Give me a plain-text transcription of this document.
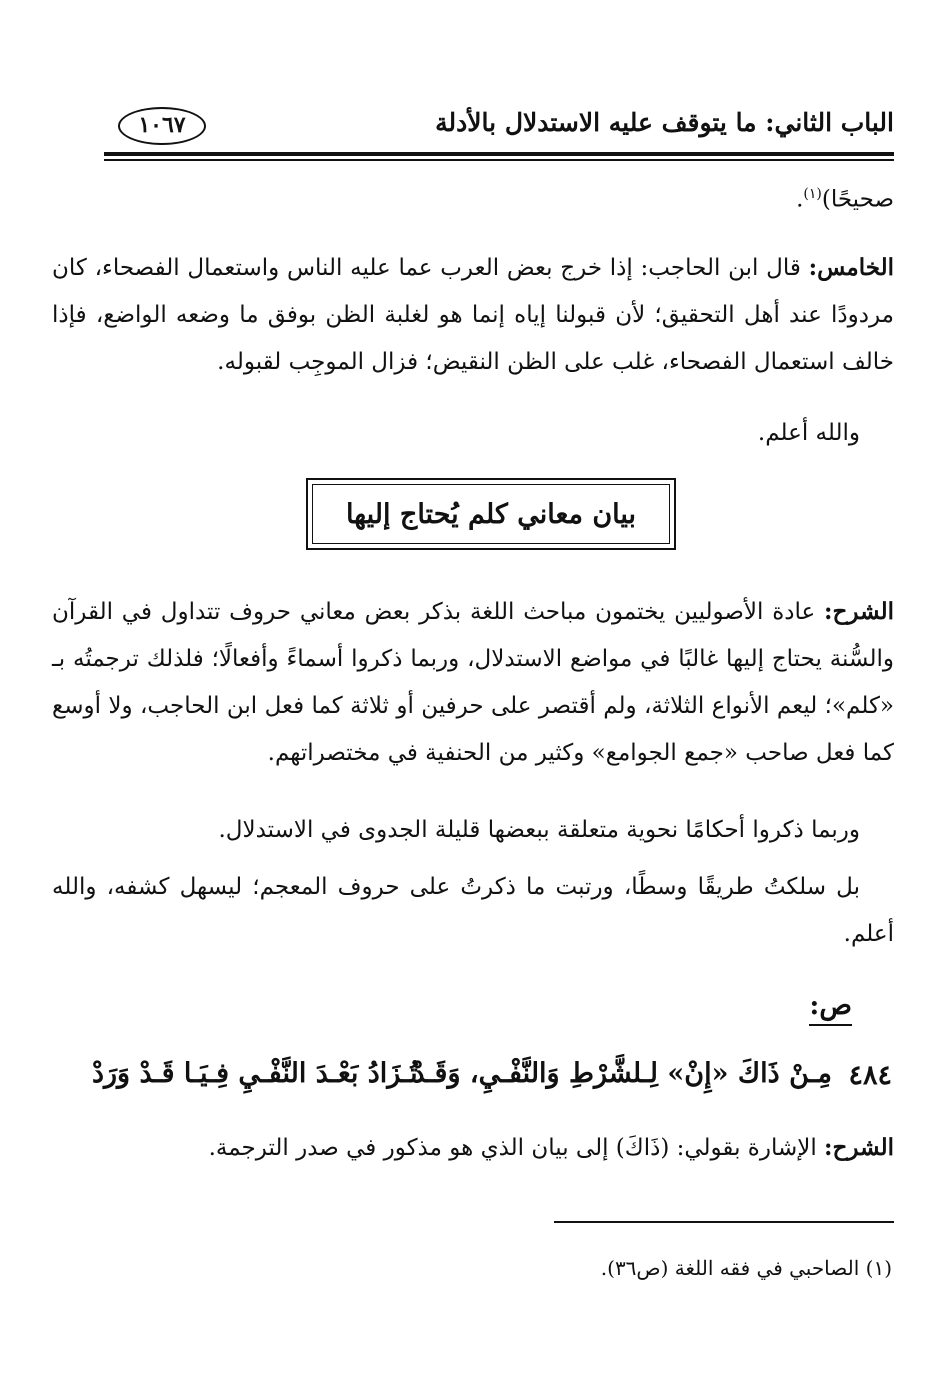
الباب الثاني: ما يتوقف عليه الاستدلال بالأدلة
١٠٦٧
صحيحًا)$^{(١)}$.
الخامس: قال ابن الحاجب: إذا خرج بعض العرب عما عليه الناس واستعمال الفصحاء، كان مردودًا عند أهل التحقيق؛ لأن قبولنا إياه إنما هو لغلبة الظن بوفق ما وضعه الواضع، فإذا خالف استعمال الفصحاء، غلب على الظن النقيض؛ فزال الموجِب لقبوله.
والله أعلم.
بيان معاني كلم يُحتاج إليها
الشرح: عادة الأصوليين يختمون مباحث اللغة بذكر بعض معاني حروف تتداول في القرآن والسُّنة يحتاج إليها غالبًا في مواضع الاستدلال، وربما ذكروا أسماءً وأفعالًا؛ فلذلك ترجمتُه بـ «كلم»؛ ليعم الأنواع الثلاثة، ولم أقتصر على حرفين أو ثلاثة كما فعل ابن الحاجب، ولا أوسع كما فعل صاحب «جمع الجوامع» وكثير من الحنفية في مختصراتهم.
وربما ذكروا أحكامًا نحوية متعلقة ببعضها قليلة الجدوى في الاستدلال.
بل سلكتُ طريقًا وسطًا، ورتبت ما ذكرتُ على حروف المعجم؛ ليسهل كشفه، والله أعلم.
ص:
٤٨٤
مِـنْ ذَاكَ «إِنْ» لِـلشَّرْطِ وَالنَّفْـيِ، وَقَـدْ
تُـزَادُ بَعْـدَ النَّفْـيِ فِـيَـا قَـدْ وَرَدْ
الشرح: الإشارة بقولي: (ذَاكَ) إلى بيان الذي هو مذكور في صدر الترجمة.
(١) الصاحبي في فقه اللغة (ص٣٦).
